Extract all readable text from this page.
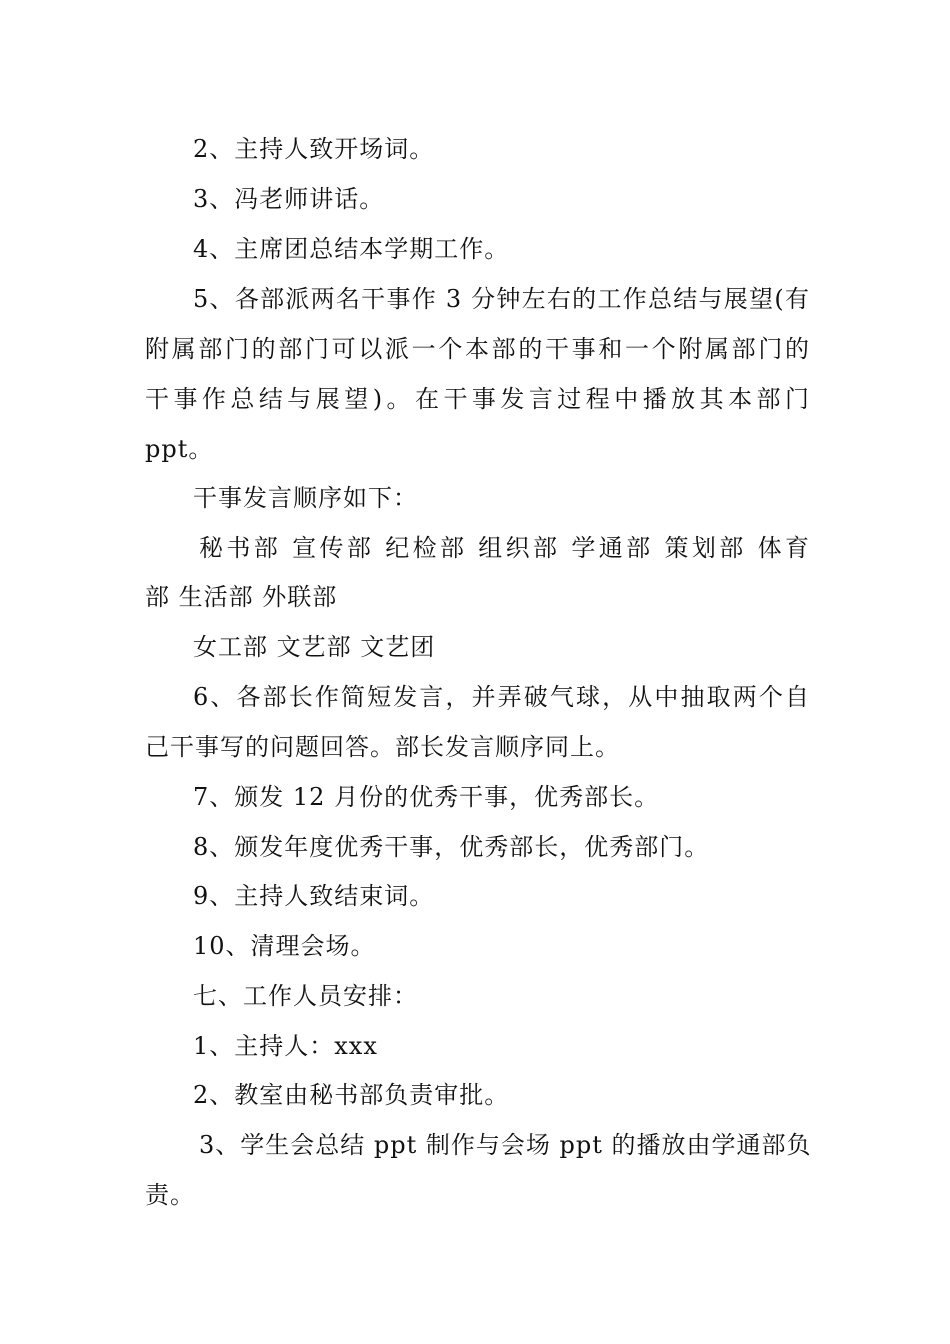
2、主持人致开场词。
3、冯老师讲话。
4、主席团总结本学期工作。
5、各部派两名干事作 3 分钟左右的工作总结与展望(有
附属部门的部门可以派一个本部的干事和一个附属部门的
干事作总结与展望)。在干事发言过程中播放其本部门
ppt。
干事发言顺序如下：
秘书部 宣传部 纪检部 组织部 学通部 策划部 体育
部 生活部 外联部
女工部 文艺部 文艺团
6、各部长作简短发言，并弄破气球，从中抽取两个自
己干事写的问题回答。部长发言顺序同上。
7、颁发 12 月份的优秀干事，优秀部长。
8、颁发年度优秀干事，优秀部长，优秀部门。
9、主持人致结束词。
10、清理会场。
七、工作人员安排：
1、主持人：xxx
2、教室由秘书部负责审批。
3、学生会总结 ppt 制作与会场 ppt 的播放由学通部负
责。
